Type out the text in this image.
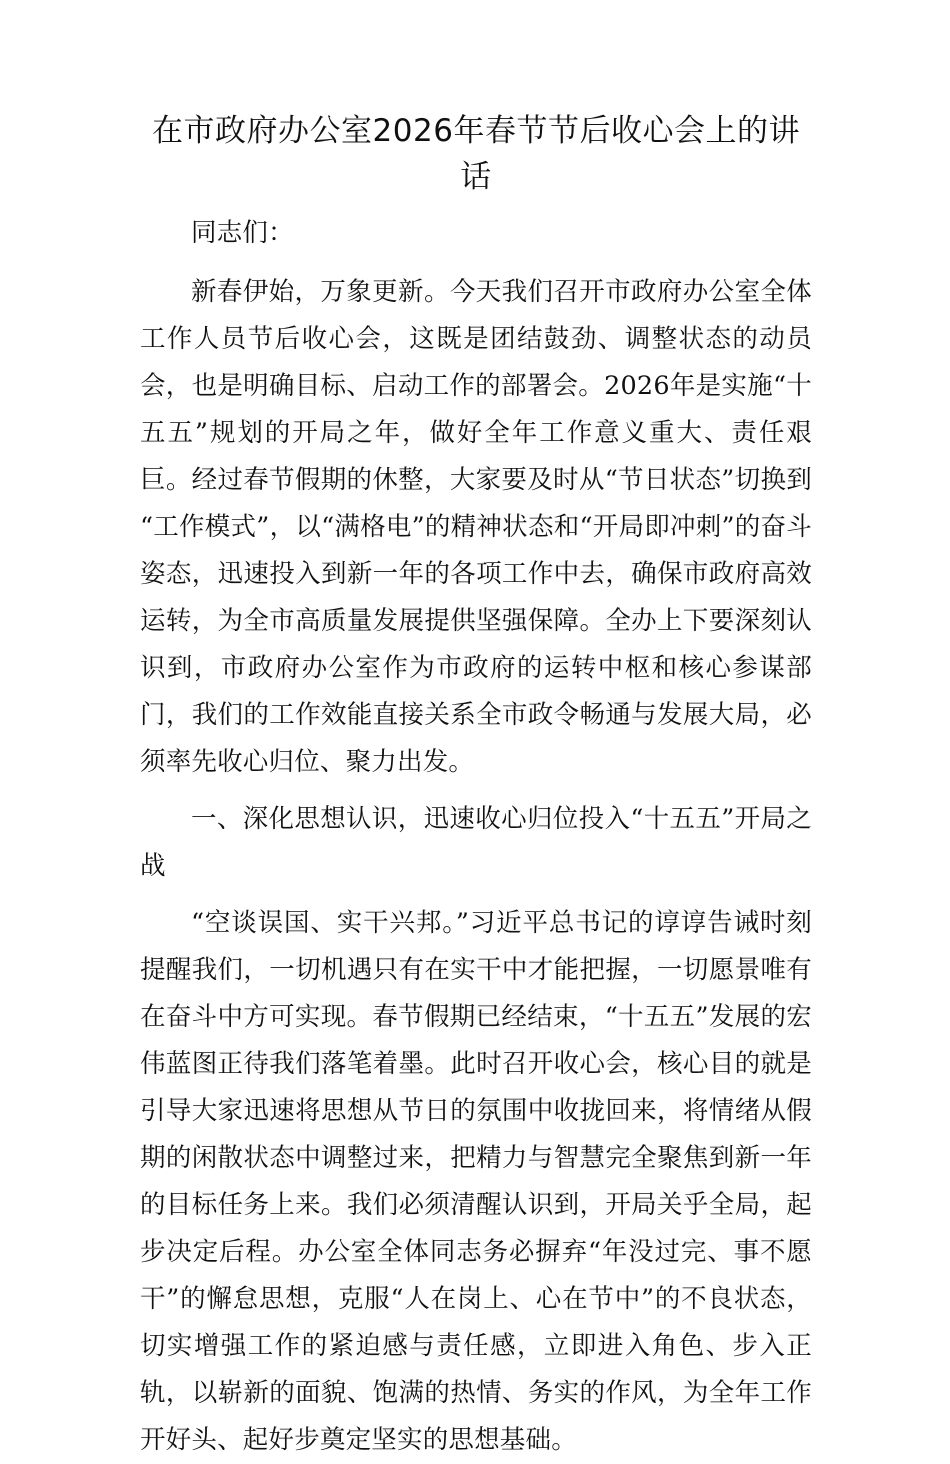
在市政府办公室2026年春节节后收心会上的讲话

同志们：

新春伊始，万象更新。今天我们召开市政府办公室全体工作人员节后收心会，这既是团结鼓劲、调整状态的动员会，也是明确目标、启动工作的部署会。2026年是实施“十五五”规划的开局之年，做好全年工作意义重大、责任艰巨。经过春节假期的休整，大家要及时从“节日状态”切换到“工作模式”，以“满格电”的精神状态和“开局即冲刺”的奋斗姿态，迅速投入到新一年的各项工作中去，确保市政府高效运转，为全市高质量发展提供坚强保障。全办上下要深刻认识到，市政府办公室作为市政府的运转中枢和核心参谋部门，我们的工作效能直接关系全市政令畅通与发展大局，必须率先收心归位、聚力出发。

一、深化思想认识，迅速收心归位投入“十五五”开局之战

“空谈误国、实干兴邦。”习近平总书记的谆谆告诫时刻提醒我们，一切机遇只有在实干中才能把握，一切愿景唯有在奋斗中方可实现。春节假期已经结束，“十五五”发展的宏伟蓝图正待我们落笔着墨。此时召开收心会，核心目的就是引导大家迅速将思想从节日的氛围中收拢回来，将情绪从假期的闲散状态中调整过来，把精力与智慧完全聚焦到新一年的目标任务上来。我们必须清醒认识到，开局关乎全局，起步决定后程。办公室全体同志务必摒弃“年没过完、事不愿干”的懈怠思想，克服“人在岗上、心在节中”的不良状态，切实增强工作的紧迫感与责任感，立即进入角色、步入正轨，以崭新的面貌、饱满的热情、务实的作风，为全年工作开好头、起好步奠定坚实的思想基础。
